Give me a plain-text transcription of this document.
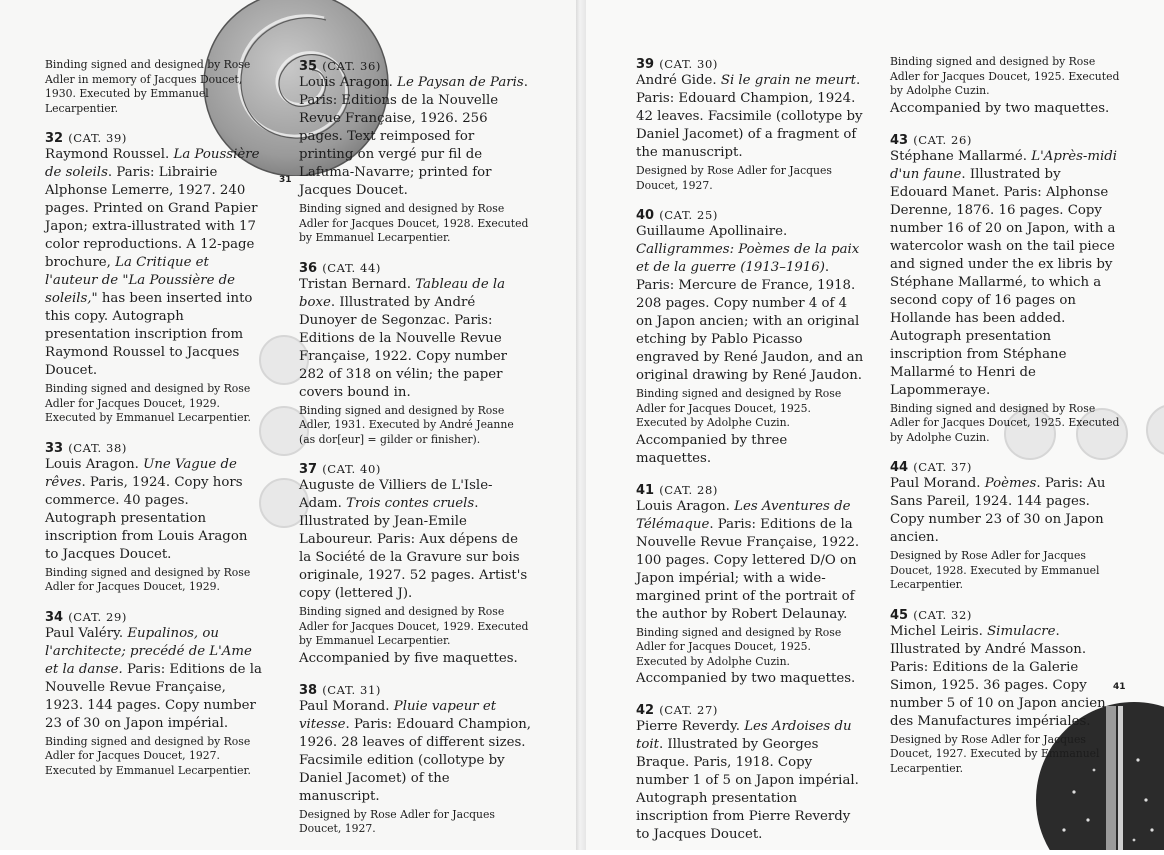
31
41
Binding signed and designed by Rose Adler in memory of Jacques Doucet, 1930. Executed by Emmanuel Lecarpentier.
32 (CAT. 39)
Raymond Roussel. La Poussière de soleils. Paris: Librairie Alphonse Lemerre, 1927. 240 pages. Printed on Grand Papier Japon; extra-illustrated with 17 color reproductions. A 12-page brochure, La Critique et l'auteur de "La Poussière de soleils," has been inserted into this copy. Autograph presentation inscription from Raymond Roussel to Jacques Doucet.
Binding signed and designed by Rose Adler for Jacques Doucet, 1929. Executed by Emmanuel Lecarpentier.
33 (CAT. 38)
Louis Aragon. Une Vague de rêves. Paris, 1924. Copy hors commerce. 40 pages. Autograph presentation inscription from Louis Aragon to Jacques Doucet.
Binding signed and designed by Rose Adler for Jacques Doucet, 1929.
34 (CAT. 29)
Paul Valéry. Eupalinos, ou l'architecte; precédé de L'Ame et la danse. Paris: Editions de la Nouvelle Revue Française, 1923. 144 pages. Copy number 23 of 30 on Japon impérial.
Binding signed and designed by Rose Adler for Jacques Doucet, 1927. Executed by Emmanuel Lecarpentier.
35 (CAT. 36)
Louis Aragon. Le Paysan de Paris. Paris: Editions de la Nouvelle Revue Française, 1926. 256 pages. Text reimposed for printing on vergé pur fil de Lafuma-Navarre; printed for Jacques Doucet.
Binding signed and designed by Rose Adler for Jacques Doucet, 1928. Executed by Emmanuel Lecarpentier.
36 (CAT. 44)
Tristan Bernard. Tableau de la boxe. Illustrated by André Dunoyer de Segonzac. Paris: Editions de la Nouvelle Revue Française, 1922. Copy number 282 of 318 on vélin; the paper covers bound in.
Binding signed and designed by Rose Adler, 1931. Executed by André Jeanne (as dor[eur] = gilder or finisher).
37 (CAT. 40)
Auguste de Villiers de L'Isle-Adam. Trois contes cruels. Illustrated by Jean-Emile Laboureur. Paris: Aux dépens de la Société de la Gravure sur bois originale, 1927. 52 pages. Artist's copy (lettered J).
Binding signed and designed by Rose Adler for Jacques Doucet, 1929. Executed by Emmanuel Lecarpentier.
Accompanied by five maquettes.
38 (CAT. 31)
Paul Morand. Pluie vapeur et vitesse. Paris: Edouard Champion, 1926. 28 leaves of different sizes. Facsimile edition (collotype by Daniel Jacomet) of the manuscript.
Designed by Rose Adler for Jacques Doucet, 1927.
39 (CAT. 30)
André Gide. Si le grain ne meurt. Paris: Edouard Champion, 1924. 42 leaves. Facsimile (collotype by Daniel Jacomet) of a fragment of the manuscript.
Designed by Rose Adler for Jacques Doucet, 1927.
40 (CAT. 25)
Guillaume Apollinaire. Calligrammes: Poèmes de la paix et de la guerre (1913–1916). Paris: Mercure de France, 1918. 208 pages. Copy number 4 of 4 on Japon ancien; with an original etching by Pablo Picasso engraved by René Jaudon, and an original drawing by René Jaudon.
Binding signed and designed by Rose Adler for Jacques Doucet, 1925. Executed by Adolphe Cuzin.
Accompanied by three maquettes.
41 (CAT. 28)
Louis Aragon. Les Aventures de Télémaque. Paris: Editions de la Nouvelle Revue Française, 1922. 100 pages. Copy lettered D/O on Japon impérial; with a wide-margined print of the portrait of the author by Robert Delaunay.
Binding signed and designed by Rose Adler for Jacques Doucet, 1925. Executed by Adolphe Cuzin.
Accompanied by two maquettes.
42 (CAT. 27)
Pierre Reverdy. Les Ardoises du toit. Illustrated by Georges Braque. Paris, 1918. Copy number 1 of 5 on Japon impérial. Autograph presentation inscription from Pierre Reverdy to Jacques Doucet.
Binding signed and designed by Rose Adler for Jacques Doucet, 1925. Executed by Adolphe Cuzin.
Accompanied by two maquettes.
43 (CAT. 26)
Stéphane Mallarmé. L'Après-midi d'un faune. Illustrated by Edouard Manet. Paris: Alphonse Derenne, 1876. 16 pages. Copy number 16 of 20 on Japon, with a watercolor wash on the tail piece and signed under the ex libris by Stéphane Mallarmé, to which a second copy of 16 pages on Hollande has been added. Autograph presentation inscription from Stéphane Mallarmé to Henri de Lapommeraye.
Binding signed and designed by Rose Adler for Jacques Doucet, 1925. Executed by Adolphe Cuzin.
44 (CAT. 37)
Paul Morand. Poèmes. Paris: Au Sans Pareil, 1924. 144 pages. Copy number 23 of 30 on Japon ancien.
Designed by Rose Adler for Jacques Doucet, 1928. Executed by Emmanuel Lecarpentier.
45 (CAT. 32)
Michel Leiris. Simulacre. Illustrated by André Masson. Paris: Editions de la Galerie Simon, 1925. 36 pages. Copy number 5 of 10 on Japon ancien des Manufactures impériales.
Designed by Rose Adler for Jacques Doucet, 1927. Executed by Emmanuel Lecarpentier.
